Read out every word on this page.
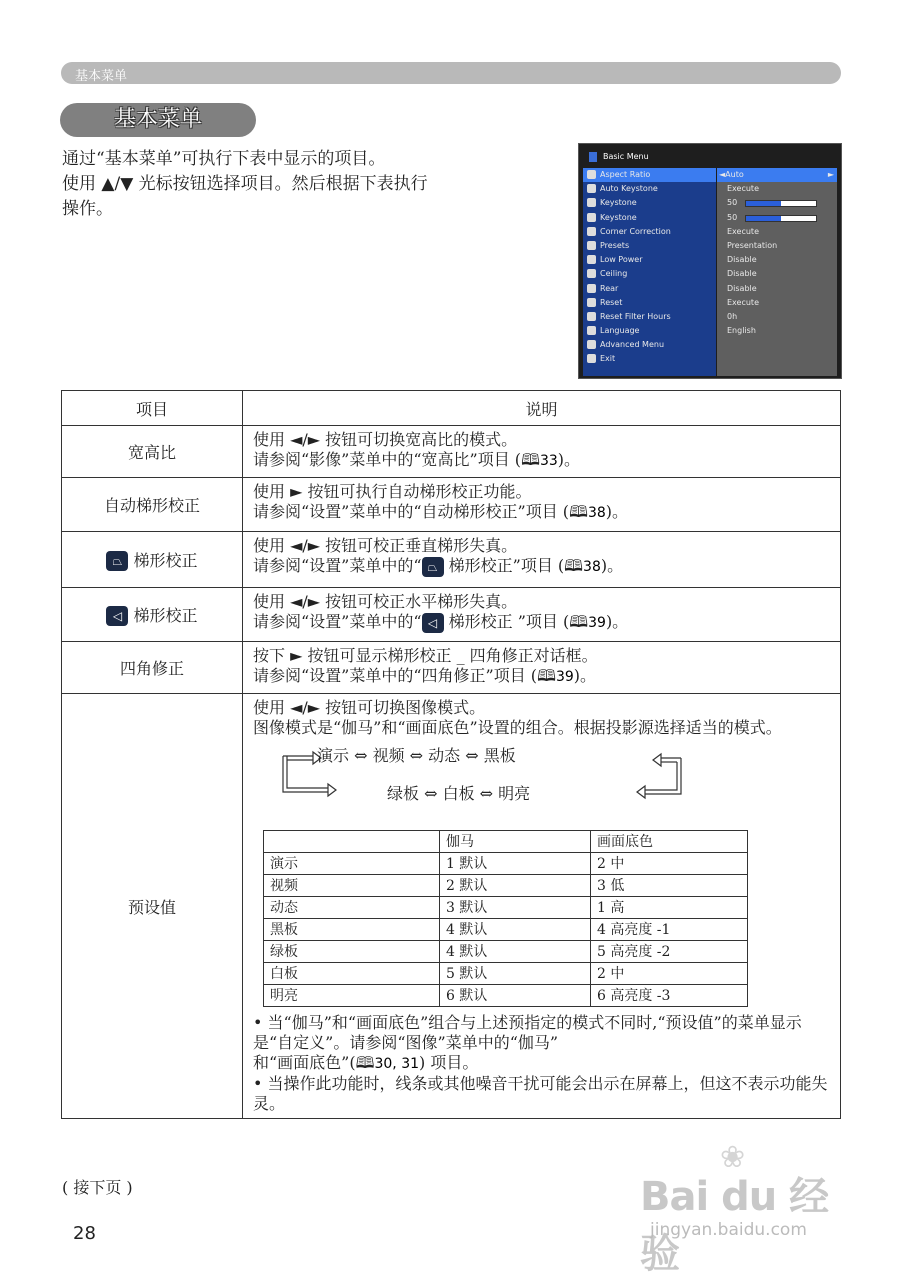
基本菜单
基本菜单
通过“基本菜单”可执行下表中显示的项目。
使用 ▲/▼ 光标按钮选择项目。然后根据下表执行
操作。
Basic Menu
Aspect Ratio
Auto Keystone
Keystone
Keystone
Corner Correction
Presets
Low Power
Ceiling
Rear
Reset
Reset Filter Hours
Language
Advanced Menu
Exit
◄Auto	►
Execute
50
50
Execute
Presentation
Disable
Disable
Disable
Execute
0h
English
项目	说明
宽高比	
使用 ◄/► 按钮可切换宽高比的模式。
请参阅“影像”菜单中的“宽高比”项目 (🕮33)。

自动梯形校正	
使用 ► 按钮可执行自动梯形校正功能。
请参阅“设置”菜单中的“自动梯形校正”项目 (🕮38)。

⏢ 梯形校正	
使用 ◄/► 按钮可校正垂直梯形失真。
请参阅“设置”菜单中的“ ⏢ 梯形校正”项目 (🕮38)。

◁ 梯形校正	
使用 ◄/► 按钮可校正水平梯形失真。
请参阅“设置”菜单中的“ ◁ 梯形校正 ”项目 (🕮39)。

四角修正	
按下 ► 按钮可显示梯形校正 _ 四角修正对话框。
请参阅“设置”菜单中的“四角修正”项目 (🕮39)。

预设值	
使用 ◄/► 按钮可切换图像模式。
图像模式是“伽马”和“画面底色”设置的组合。根据投影源选择适当的模式。
演示 ⇔ 视频 ⇔ 动态 ⇔ 黑板
绿板 ⇔ 白板 ⇔ 明亮
	伽马	画面底色
演示	1 默认	2 中
视频	2 默认	3 低
动态	3 默认	1 高
黑板	4 默认	4 高亮度 -1
绿板	4 默认	5 高亮度 -2
白板	5 默认	2 中
明亮	6 默认	6 高亮度 -3
• 当“伽马”和“画面底色”组合与上述预指定的模式不同时,“预设值”的菜单显示是“自定义”。请参阅“图像”菜单中的“伽马”
和“画面底色”(🕮30, 31) 项目。
• 当操作此功能时，线条或其他噪音干扰可能会出示在屏幕上，但这不表示功能失灵。
( 接下页 )
28
❀
Bai du 经验
jingyan.baidu.com
